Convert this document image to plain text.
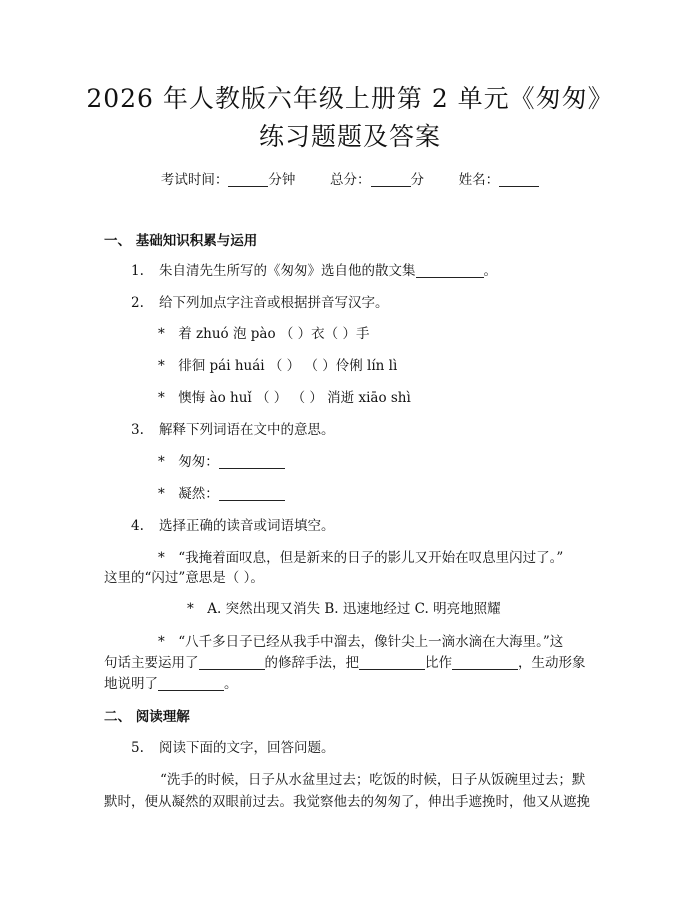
2026 年人教版六年级上册第 2 单元《匆匆》
练习题题及答案
考试时间：	分钟	总分：	分	姓名：
一、 基础知识积累与运用
1. 朱自清先生所写的《匆匆》选自他的散文集	。
2. 给下列加点字注音或根据拼音写汉字。
*　着 zhuó 泡 pào （ ）衣（ ）手
*　徘徊 pái huái （ ） （ ）伶俐 lín lì
*　懊悔 ào huǐ （ ） （ ） 消逝 xiāo shì
3. 解释下列词语在文中的意思。
*　匆匆：
*　凝然：
4. 选择正确的读音或词语填空。
*　“我掩着面叹息，但是新来的日子的影儿又开始在叹息里闪过了。”
这里的“闪过”意思是（ ）。
*　A. 突然出现又消失 B. 迅速地经过 C. 明亮地照耀
*　“八千多日子已经从我手中溜去，像针尖上一滴水滴在大海里。”这
句话主要运用了	的修辞手法，把	比作	，生动形象
地说明了	。
二、 阅读理解
5. 阅读下面的文字，回答问题。
“洗手的时候，日子从水盆里过去；吃饭的时候，日子从饭碗里过去；默
默时，便从凝然的双眼前过去。我觉察他去的匆匆了，伸出手遮挽时，他又从遮挽
